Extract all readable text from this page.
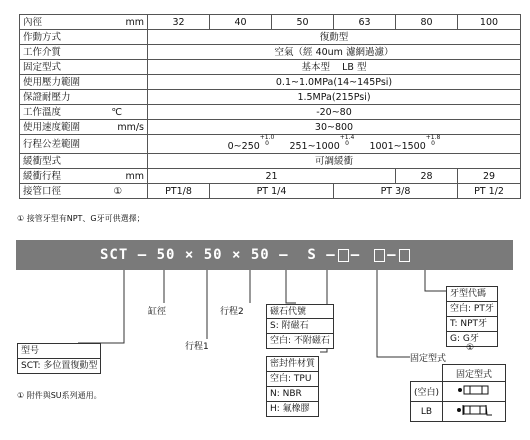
內徑 mm	32	40	50	63	80	100
作動方式	復動型					
工作介質	空氣（經 40um 濾網過濾）					
固定型式	基本型    LB 型					
使用壓力範圍	0.1~1.0MPa(14~145Psi)					
保證耐壓力	1.5MPa(215Psi)					
工作溫度 ℃	-20~80					
使用速度範圍 mm/s	30~800					
行程公差範圍	$0\sim 250^{+1.0 0}$ $251\sim 1000^{+1.4 0}$ $1001\sim 1500^{+1.8 0}$
緩衝型式	可調緩衝					
緩衝行程 mm	21				28	29
接管口徑 ①	PT1/8	PT 1/4		PT 3/8		PT 1/2
① 接管牙型有NPT、G牙可供選擇；
SCT — 50 × 50 × 50 —  S — — —
缸徑	行程2
行程1
磁石代號
S: 附磁石
空白: 不附磁石
型号
SCT: 多位置復動型	密封件材質
空白: TPU
N: NBR
H: 氟橡膠
牙型代碼
空白: PT牙
T: NPT牙
G: G牙
固定型式
①
	固定型式
(空白)	
LB	
① 附件與SU系列通用。
